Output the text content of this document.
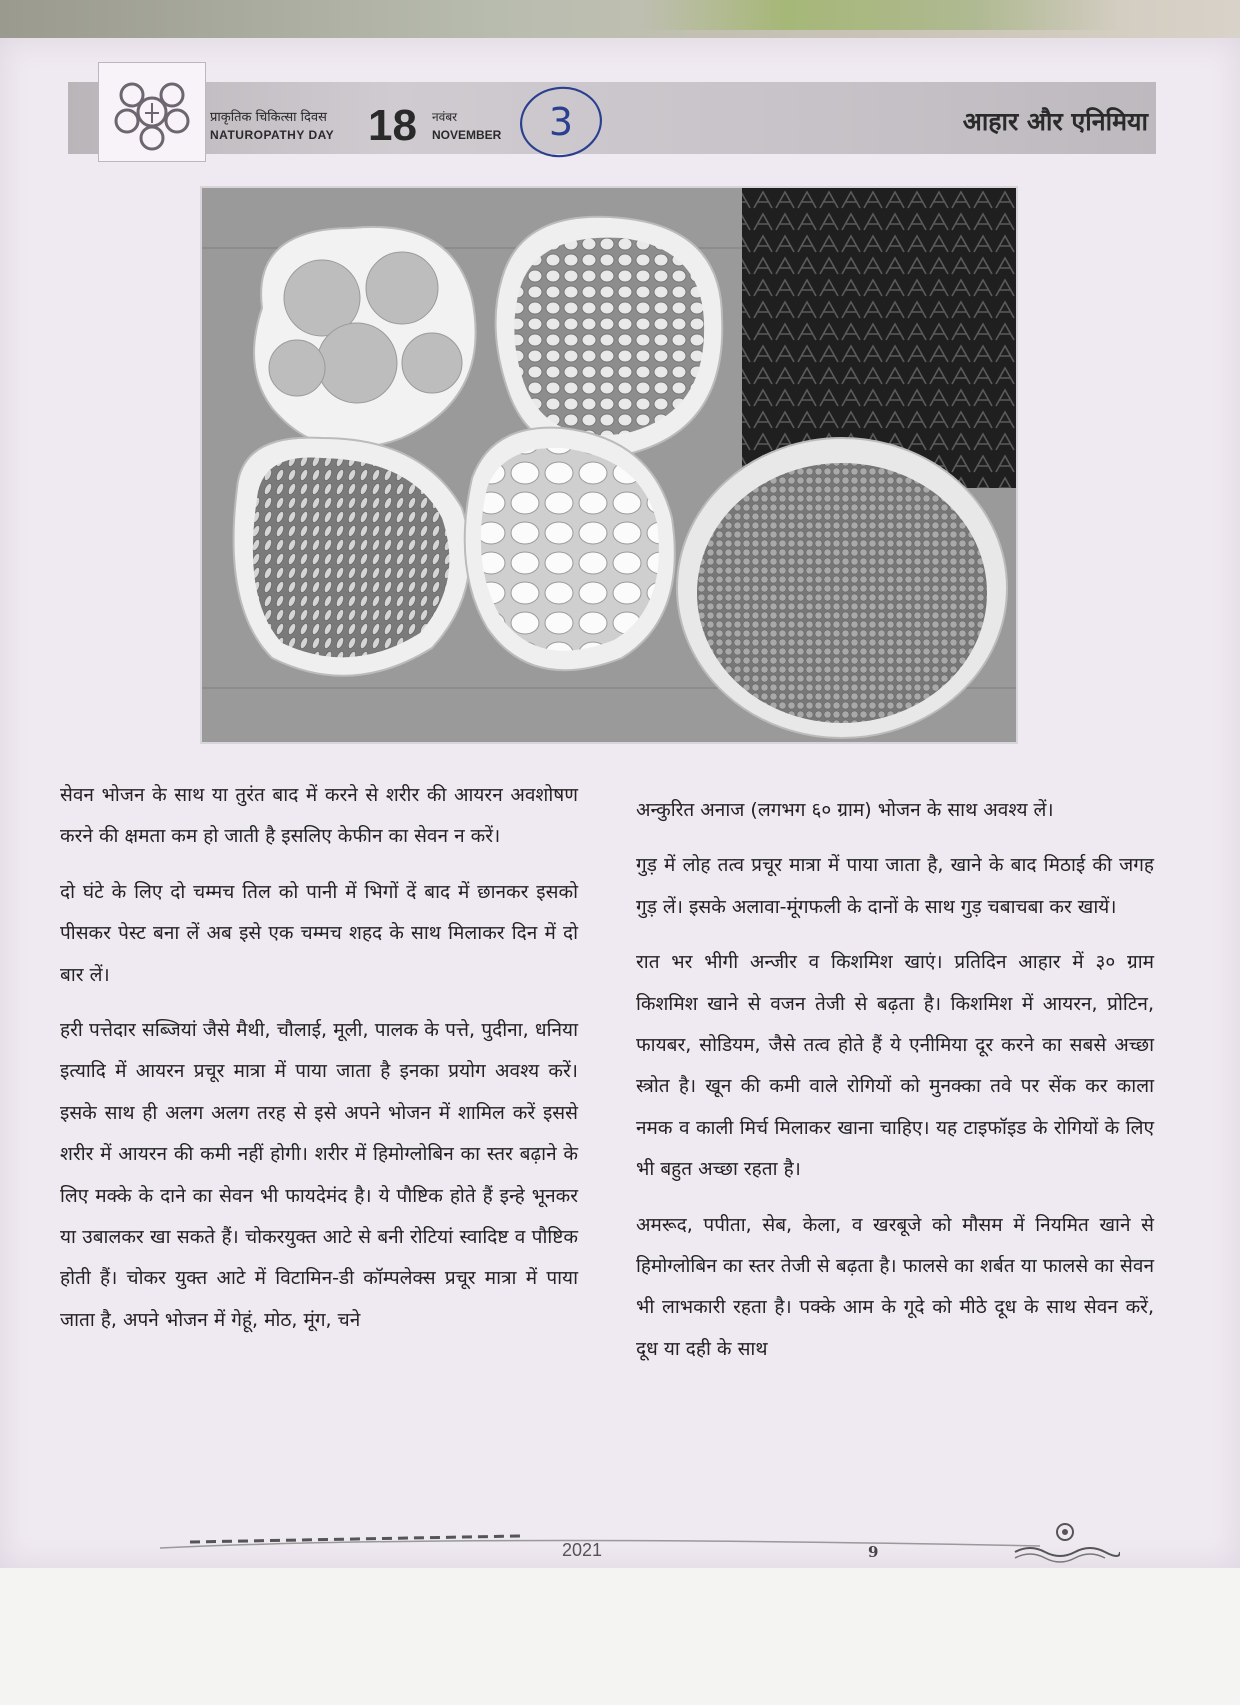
प्राकृतिक चिकित्सा दिवस
NATUROPATHY DAY 18 नवंबर
NOVEMBER 3	आहार और एनिमिया

सेवन भोजन के साथ या तुरंत बाद में करने से शरीर की आयरन अवशोषण करने की क्षमता कम हो जाती है इसलिए केफीन का सेवन न करें।

दो घंटे के लिए दो चम्मच तिल को पानी में भिगों दें बाद में छानकर इसको पीसकर पेस्ट बना लें अब इसे एक चम्मच शहद के साथ मिलाकर दिन में दो बार लें।

हरी पत्तेदार सब्जियां जैसे मैथी, चौलाई, मूली, पालक के पत्ते, पुदीना, धनिया इत्यादि में आयरन प्रचूर मात्रा में पाया जाता है इनका प्रयोग अवश्य करें। इसके साथ ही अलग अलग तरह से इसे अपने भोजन में शामिल करें इससे शरीर में आयरन की कमी नहीं होगी। शरीर में हिमोग्लोबिन का स्तर बढ़ाने के लिए मक्के के दाने का सेवन भी फायदेमंद है। ये पौष्टिक होते हैं इन्हे भूनकर या उबालकर खा सकते हैं। चोकरयुक्त आटे से बनी रोटियां स्वादिष्ट व पौष्टिक होती हैं। चोकर युक्त आटे में विटामिन-डी कॉम्पलेक्स प्रचूर मात्रा में पाया जाता है, अपने भोजन में गेहूं, मोठ, मूंग, चने

अन्कुरित अनाज (लगभग ६० ग्राम) भोजन के साथ अवश्य लें।

गुड़ में लोह तत्व प्रचूर मात्रा में पाया जाता है, खाने के बाद मिठाई की जगह गुड़ लें। इसके अलावा-मूंगफली के दानों के साथ गुड़ चबाचबा कर खायें।

रात भर भीगी अन्जीर व किशमिश खाएं। प्रतिदिन आहार में ३० ग्राम किशमिश खाने से वजन तेजी से बढ़ता है। किशमिश में आयरन, प्रोटिन, फायबर, सोडियम, जैसे तत्व होते हैं ये एनीमिया दूर करने का सबसे अच्छा स्त्रोत है। खून की कमी वाले रोगियों को मुनक्का तवे पर सेंक कर काला नमक व काली मिर्च मिलाकर खाना चाहिए। यह टाइफॉइड के रोगियों के लिए भी बहुत अच्छा रहता है।

अमरूद, पपीता, सेब, केला, व खरबूजे को मौसम में नियमित खाने से हिमोग्लोबिन का स्तर तेजी से बढ़ता है। फालसे का शर्बत या फालसे का सेवन भी लाभकारी रहता है। पक्के आम के गूदे को मीठे दूध के साथ सेवन करें, दूध या दही के साथ

2021	9
